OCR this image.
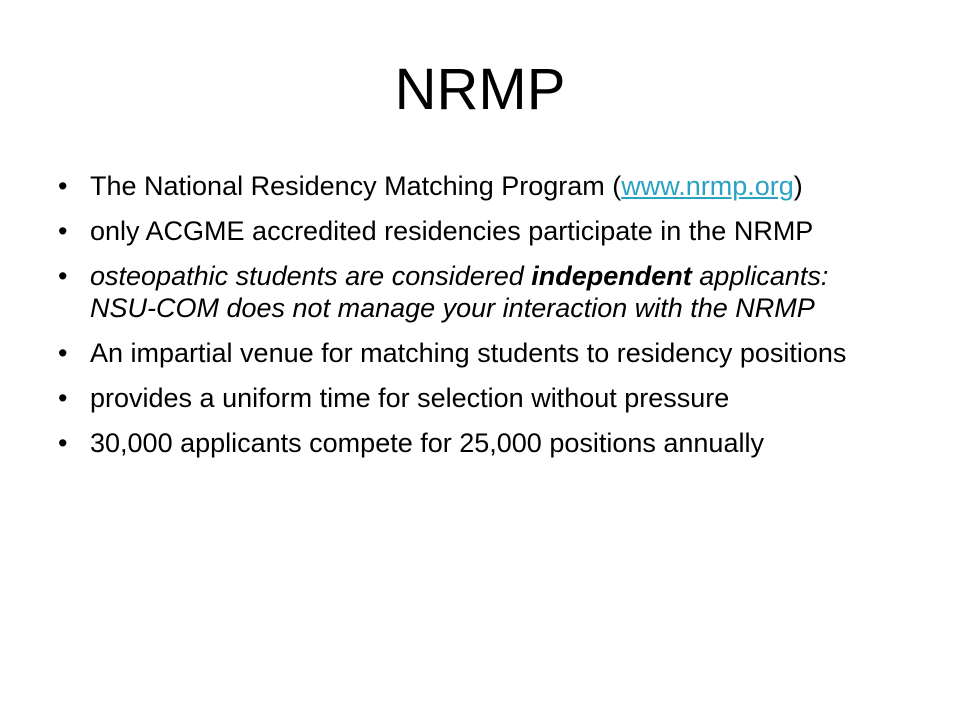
NRMP
• The National Residency Matching Program (www.nrmp.org)
• only ACGME accredited residencies participate in the NRMP
• osteopathic students are considered independent applicants: NSU-COM does not manage your interaction with the NRMP
• An impartial venue for matching students to residency positions
• provides a uniform time for selection without pressure
• 30,000 applicants compete for 25,000 positions annually
